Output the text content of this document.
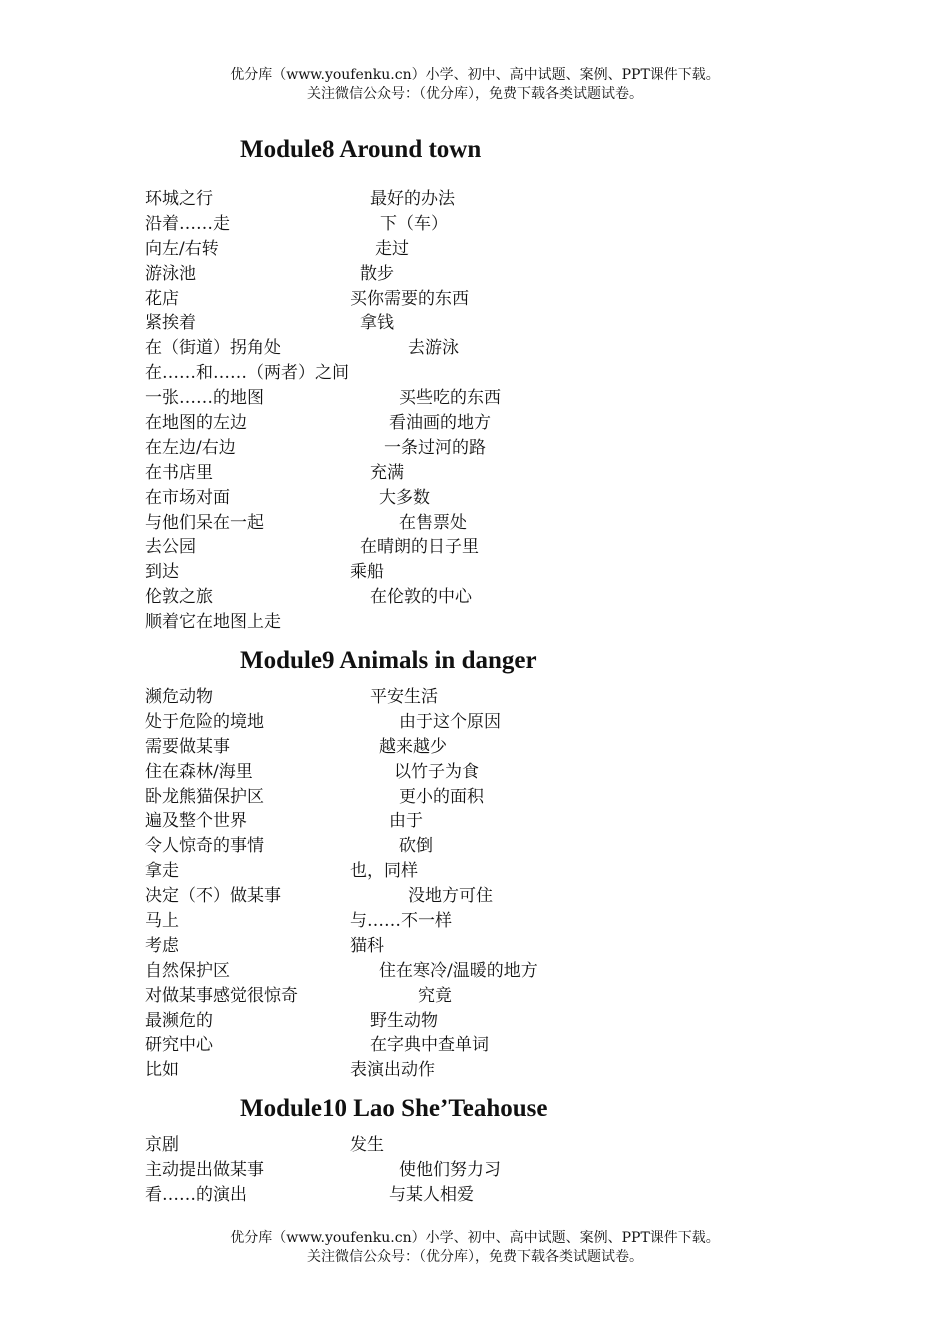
优分库（www.youfenku.cn）小学、初中、高中试题、案例、PPT课件下载。
关注微信公众号：（优分库），免费下载各类试题试卷。
Module8 Around town
环城之行	最好的办法
沿着……走	下（车）
向左/右转	走过
游泳池	散步
花店	买你需要的东西
紧挨着	拿钱
在（街道）拐角处	去游泳
在……和……（两者）之间
一张……的地图	买些吃的东西
在地图的左边	看油画的地方
在左边/右边	一条过河的路
在书店里	充满
在市场对面	大多数
与他们呆在一起	在售票处
去公园	在晴朗的日子里
到达	乘船
伦敦之旅	在伦敦的中心
顺着它在地图上走
Module9 Animals in danger
濒危动物	平安生活
处于危险的境地	由于这个原因
需要做某事	越来越少
住在森林/海里	以竹子为食
卧龙熊猫保护区	更小的面积
遍及整个世界	由于
令人惊奇的事情	砍倒
拿走	也，同样
决定（不）做某事	没地方可住
马上	与……不一样
考虑	猫科
自然保护区	住在寒冷/温暖的地方
对做某事感觉很惊奇	究竟
最濒危的	野生动物
研究中心	在字典中查单词
比如	表演出动作
Module10 Lao She’Teahouse
京剧	发生
主动提出做某事	使他们努力习
看……的演出	与某人相爱
优分库（www.youfenku.cn）小学、初中、高中试题、案例、PPT课件下载。
关注微信公众号：（优分库），免费下载各类试题试卷。
